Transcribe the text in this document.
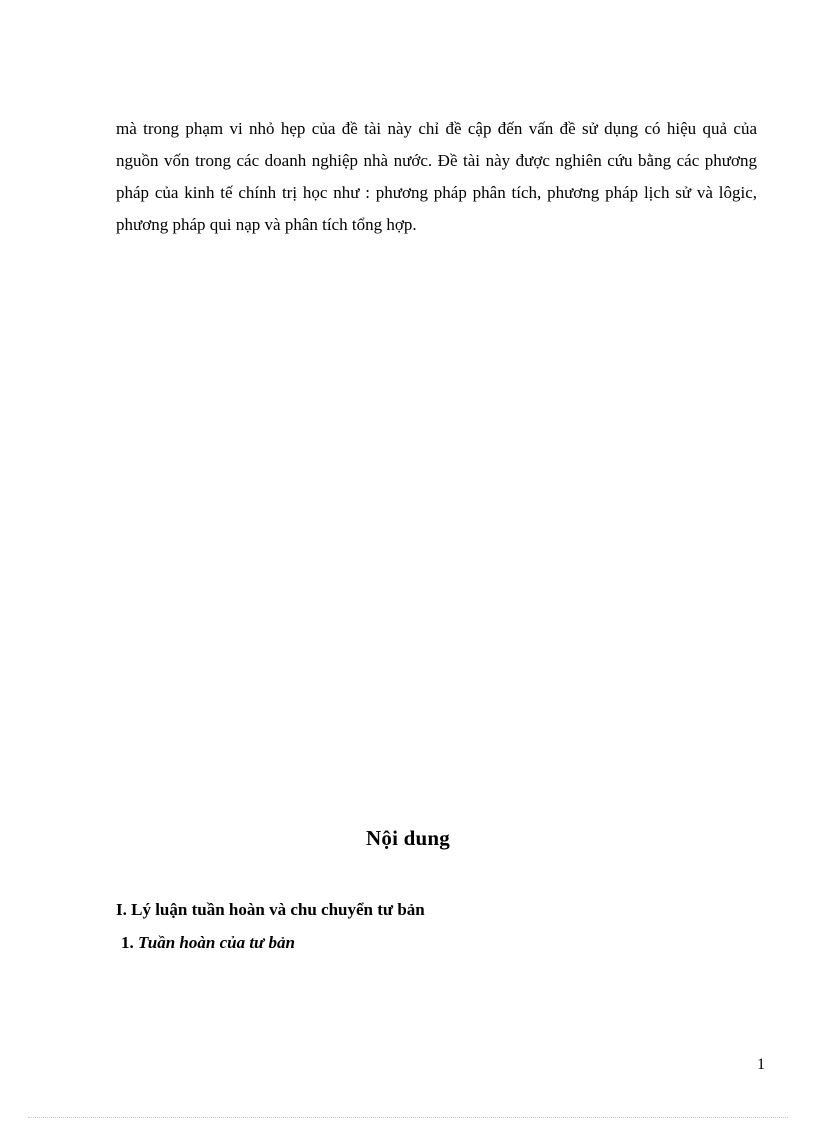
mà trong phạm vi nhỏ hẹp của đề tài này chỉ đề cập đến vấn đề sử dụng có hiệu quả của nguồn vốn trong các doanh nghiệp nhà nước. Đề tài này được nghiên cứu bằng các phương pháp của kinh tế chính trị học như : phương pháp phân tích, phương pháp lịch sử và lôgic, phương pháp qui nạp và phân tích tổng hợp.

Nội dung
I. Lý luận tuần hoàn và chu chuyển tư bản
1. Tuần hoàn của tư bản
1
